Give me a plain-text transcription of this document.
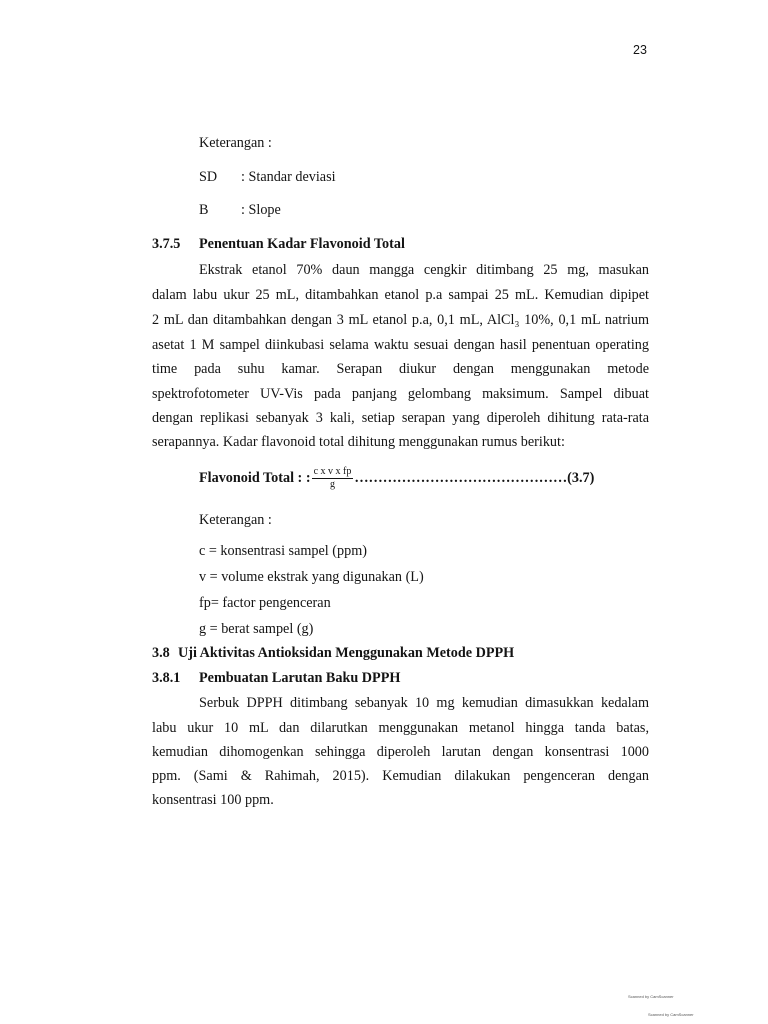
23
Keterangan :
SD : Standar deviasi
B : Slope
3.7.5 Penentuan Kadar Flavonoid Total
Ekstrak etanol 70% daun mangga cengkir ditimbang 25 mg, masukan
dalam labu ukur 25 mL, ditambahkan etanol p.a sampai 25 mL. Kemudian dipipet
2 mL dan ditambahkan dengan 3 mL etanol p.a, 0,1 mL, AlCl₃ 10%, 0,1 mL natrium
asetat 1 M sampel diinkubasi selama waktu sesuai dengan hasil penentuan operating
time pada suhu kamar. Serapan diukur dengan menggunakan metode
spektrofotometer UV-Vis pada panjang gelombang maksimum. Sampel dibuat
dengan replikasi sebanyak 3 kali, setiap serapan yang diperoleh dihitung rata-rata
serapannya. Kadar flavonoid total dihitung menggunakan rumus berikut:
Flavonoid Total : : $\frac{\text{c x v x fp}}{g}$ ………………………………………(3.7)
Keterangan :
c = konsentrasi sampel (ppm)
v = volume ekstrak yang digunakan (L)
fp= factor pengenceran
g = berat sampel (g)
3.8 Uji Aktivitas Antioksidan Menggunakan Metode DPPH
3.8.1 Pembuatan Larutan Baku DPPH
Serbuk DPPH ditimbang sebanyak 10 mg kemudian dimasukkan kedalam
labu ukur 10 mL dan dilarutkan menggunakan metanol hingga tanda batas,
kemudian dihomogenkan sehingga diperoleh larutan dengan konsentrasi 1000
ppm. (Sami & Rahimah, 2015). Kemudian dilakukan pengenceran dengan
konsentrasi 100 ppm.
Scanned by CamScanner
Scanned by CamScanner
